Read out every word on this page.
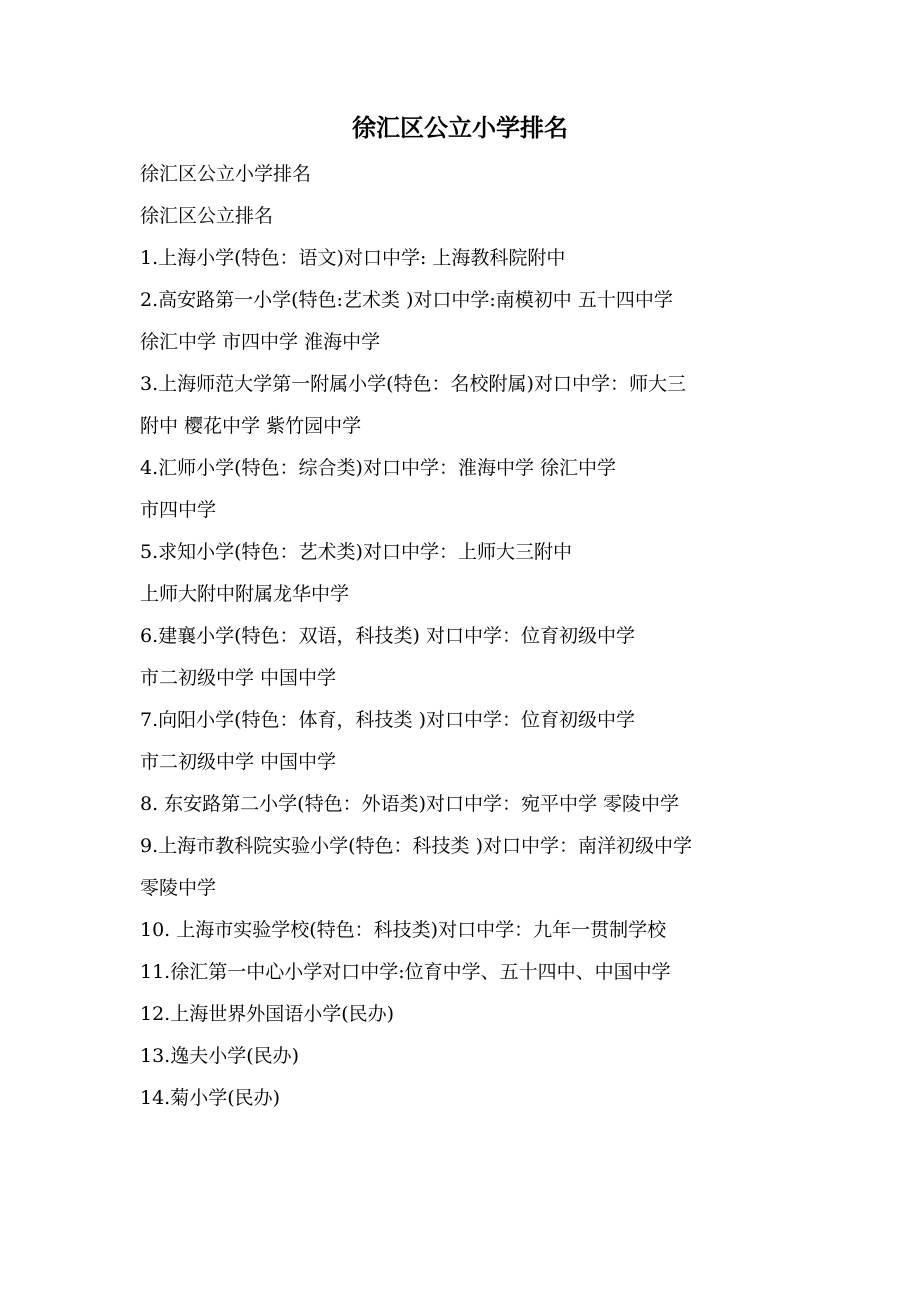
徐汇区公立小学排名
徐汇区公立小学排名
徐汇区公立排名
1.上海小学(特色：语文)对口中学: 上海教科院附中
2.高安路第一小学(特色:艺术类 )对口中学:南模初中 五十四中学
徐汇中学 市四中学 淮海中学
3.上海师范大学第一附属小学(特色：名校附属)对口中学：师大三
附中 樱花中学 紫竹园中学
4.汇师小学(特色：综合类)对口中学：淮海中学 徐汇中学
市四中学
5.求知小学(特色：艺术类)对口中学：上师大三附中
上师大附中附属龙华中学
6.建襄小学(特色：双语，科技类) 对口中学：位育初级中学
市二初级中学 中国中学
7.向阳小学(特色：体育，科技类 )对口中学：位育初级中学
市二初级中学 中国中学
8. 东安路第二小学(特色：外语类)对口中学：宛平中学 零陵中学
9.上海市教科院实验小学(特色：科技类 )对口中学：南洋初级中学
零陵中学
10. 上海市实验学校(特色：科技类)对口中学：九年一贯制学校
11.徐汇第一中心小学对口中学:位育中学、五十四中、中国中学
12.上海世界外国语小学(民办)
13.逸夫小学(民办)
14.菊小学(民办)
